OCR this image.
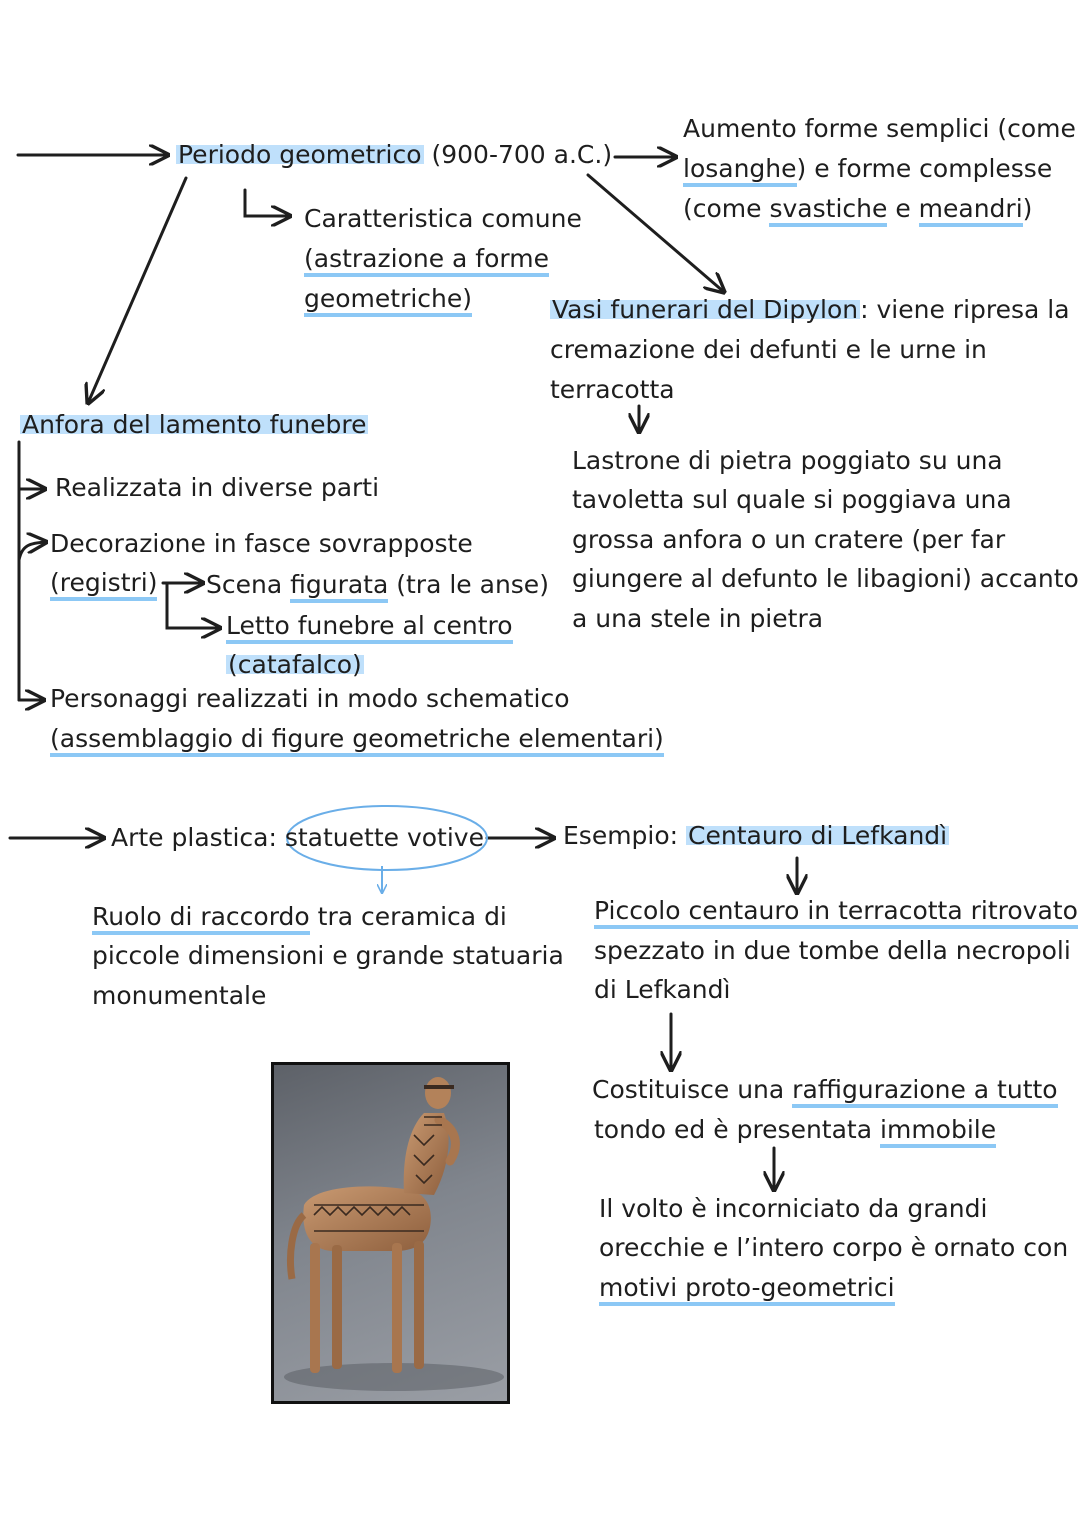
Periodo geometrico (900-700 a.C.)
Caratteristica comune
(astrazione a forme
geometriche)
Aumento forme semplici (come
losanghe) e forme complesse
(come svastiche e meandri)
Vasi funerari del Dipylon: viene ripresa la
cremazione dei defunti e le urne in
terracotta
Lastrone di pietra poggiato su una
tavoletta sul quale si poggiava una
grossa anfora o un cratere (per far
giungere al defunto le libagioni) accanto
a una stele in pietra
Anfora del lamento funebre
Realizzata in diverse parti
Decorazione in fasce sovrapposte
(registri) Scena figurata (tra le anse)
Letto funebre al centro
(catafalco)
Personaggi realizzati in modo schematico
(assemblaggio di figure geometriche elementari)
Arte plastica: statuette votive
Ruolo di raccordo tra ceramica di
piccole dimensioni e grande statuaria
monumentale
Esempio: Centauro di Lefkandì
Piccolo centauro in terracotta ritrovato
spezzato in due tombe della necropoli
di Lefkandì
Costituisce una raffigurazione a tutto
tondo ed è presentata immobile
Il volto è incorniciato da grandi
orecchie e l’intero corpo è ornato con
motivi proto-geometrici
